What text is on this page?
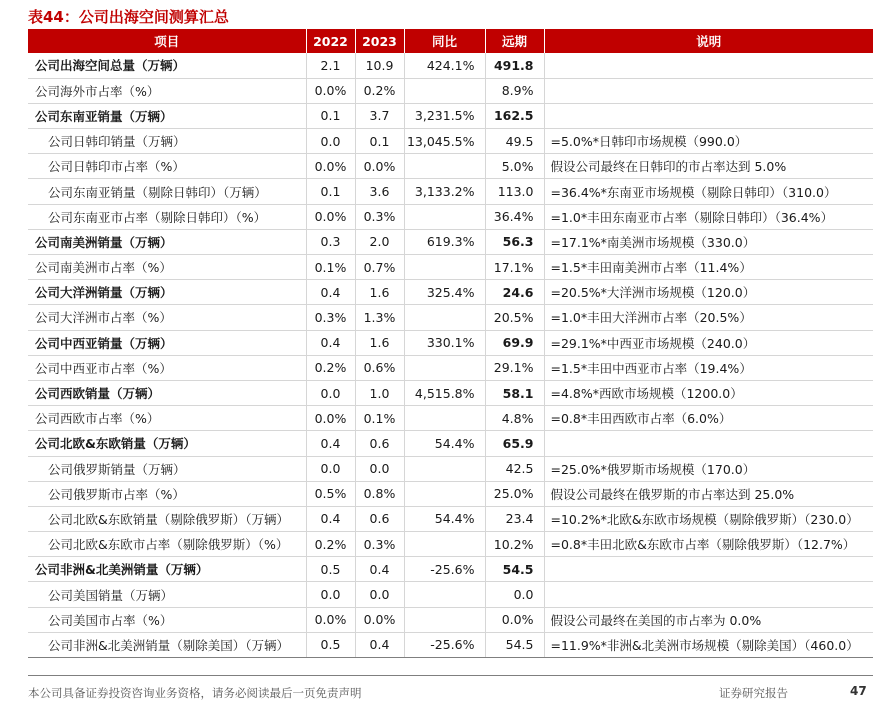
表44：公司出海空间测算汇总
项目	2022	2023	同比	远期	说明
公司出海空间总量（万辆）	2.1	10.9	424.1%	491.8	
公司海外市占率（%）	0.0%	0.2%		8.9%	
公司东南亚销量（万辆）	0.1	3.7	3,231.5%	162.5	
公司日韩印销量（万辆）	0.0	0.1	13,045.5%	49.5	=5.0%*日韩印市场规模（990.0）
公司日韩印市占率（%）	0.0%	0.0%		5.0%	假设公司最终在日韩印的市占率达到 5.0%
公司东南亚销量（剔除日韩印）（万辆）	0.1	3.6	3,133.2%	113.0	=36.4%*东南亚市场规模（剔除日韩印）（310.0）
公司东南亚市占率（剔除日韩印）（%）	0.0%	0.3%		36.4%	=1.0*丰田东南亚市占率（剔除日韩印）（36.4%）
公司南美洲销量（万辆）	0.3	2.0	619.3%	56.3	=17.1%*南美洲市场规模（330.0）
公司南美洲市占率（%）	0.1%	0.7%		17.1%	=1.5*丰田南美洲市占率（11.4%）
公司大洋洲销量（万辆）	0.4	1.6	325.4%	24.6	=20.5%*大洋洲市场规模（120.0）
公司大洋洲市占率（%）	0.3%	1.3%		20.5%	=1.0*丰田大洋洲市占率（20.5%）
公司中西亚销量（万辆）	0.4	1.6	330.1%	69.9	=29.1%*中西亚市场规模（240.0）
公司中西亚市占率（%）	0.2%	0.6%		29.1%	=1.5*丰田中西亚市占率（19.4%）
公司西欧销量（万辆）	0.0	1.0	4,515.8%	58.1	=4.8%*西欧市场规模（1200.0）
公司西欧市占率（%）	0.0%	0.1%		4.8%	=0.8*丰田西欧市占率（6.0%）
公司北欧&东欧销量（万辆）	0.4	0.6	54.4%	65.9	
公司俄罗斯销量（万辆）	0.0	0.0		42.5	=25.0%*俄罗斯市场规模（170.0）
公司俄罗斯市占率（%）	0.5%	0.8%		25.0%	假设公司最终在俄罗斯的市占率达到 25.0%
公司北欧&东欧销量（剔除俄罗斯）（万辆）	0.4	0.6	54.4%	23.4	=10.2%*北欧&东欧市场规模（剔除俄罗斯）（230.0）
公司北欧&东欧市占率（剔除俄罗斯）（%）	0.2%	0.3%		10.2%	=0.8*丰田北欧&东欧市占率（剔除俄罗斯）（12.7%）
公司非洲&北美洲销量（万辆）	0.5	0.4	-25.6%	54.5	
公司美国销量（万辆）	0.0	0.0		0.0	
公司美国市占率（%）	0.0%	0.0%		0.0%	假设公司最终在美国的市占率为 0.0%
公司非洲&北美洲销量（剔除美国）（万辆）	0.5	0.4	-25.6%	54.5	=11.9%*非洲&北美洲市场规模（剔除美国）（460.0）
本公司具备证券投资咨询业务资格，请务必阅读最后一页免责声明	证券研究报告	47
